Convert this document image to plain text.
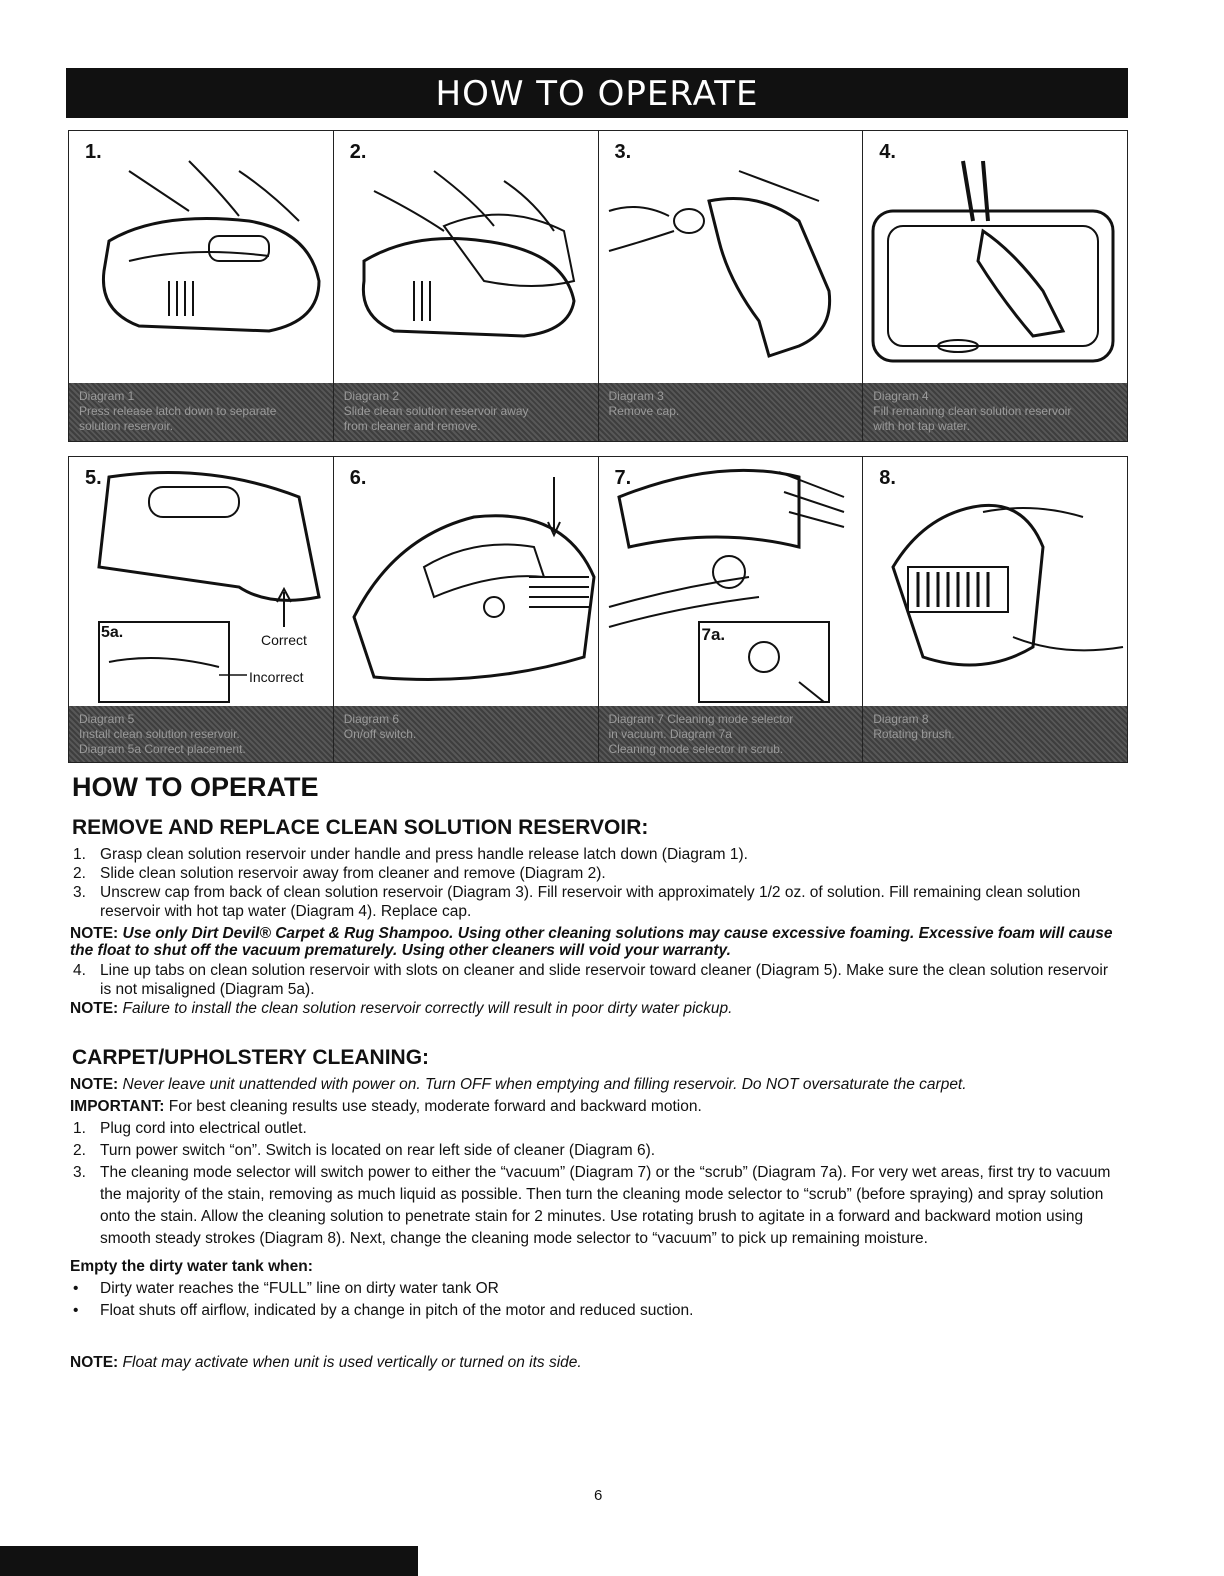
HOW TO OPERATE
1.
Diagram 1
Press release latch down to separate
solution reservoir.
2.
Diagram 2
Slide clean solution reservoir away
from cleaner and remove.
3.
Diagram 3
Remove cap.
4.
Diagram 4
Fill remaining clean solution reservoir
with hot tap water.
5.
5a.	Correct
Incorrect
Diagram 5
Install clean solution reservoir.
Diagram 5a Correct placement.
6.
Diagram 6
On/off switch.
7.
7a.
Diagram 7 Cleaning mode selector
in vacuum. Diagram 7a
Cleaning mode selector in scrub.
8.
Diagram 8
Rotating brush.
HOW TO OPERATE
REMOVE AND REPLACE CLEAN SOLUTION RESERVOIR:
1. Grasp clean solution reservoir under handle and press handle release latch down (Diagram 1).
2. Slide clean solution reservoir away from cleaner and remove (Diagram 2).
3. Unscrew cap from back of clean solution reservoir (Diagram 3). Fill reservoir with approximately 1/2 oz. of solution. Fill remaining clean solution reservoir with hot tap water (Diagram 4). Replace cap.
NOTE: Use only Dirt Devil® Carpet & Rug Shampoo. Using other cleaning solutions may cause excessive foaming. Excessive foam will cause the float to shut off the vacuum prematurely. Using other cleaners will void your warranty.
4. Line up tabs on clean solution reservoir with slots on cleaner and slide reservoir toward cleaner (Diagram 5). Make sure the clean solution reservoir is not misaligned (Diagram 5a).
NOTE: Failure to install the clean solution reservoir correctly will result in poor dirty water pickup.
CARPET/UPHOLSTERY CLEANING:
NOTE: Never leave unit unattended with power on. Turn OFF when emptying and filling reservoir. Do NOT oversaturate the carpet.
IMPORTANT: For best cleaning results use steady, moderate forward and backward motion.
1. Plug cord into electrical outlet.
2. Turn power switch “on”. Switch is located on rear left side of cleaner (Diagram 6).
3. The cleaning mode selector will switch power to either the “vacuum” (Diagram 7) or the “scrub” (Diagram 7a). For very wet areas, first try to vacuum the majority of the stain, removing as much liquid as possible. Then turn the cleaning mode selector to “scrub” (before spraying) and spray solution onto the stain. Allow the cleaning solution to penetrate stain for 2 minutes. Use rotating brush to agitate in a forward and backward motion using smooth steady strokes (Diagram 8). Next, change the cleaning mode selector to “vacuum” to pick up remaining moisture.
Empty the dirty water tank when:
• Dirty water reaches the “FULL” line on dirty water tank OR
• Float shuts off airflow, indicated by a change in pitch of the motor and reduced suction.
NOTE: Float may activate when unit is used vertically or turned on its side.
6
